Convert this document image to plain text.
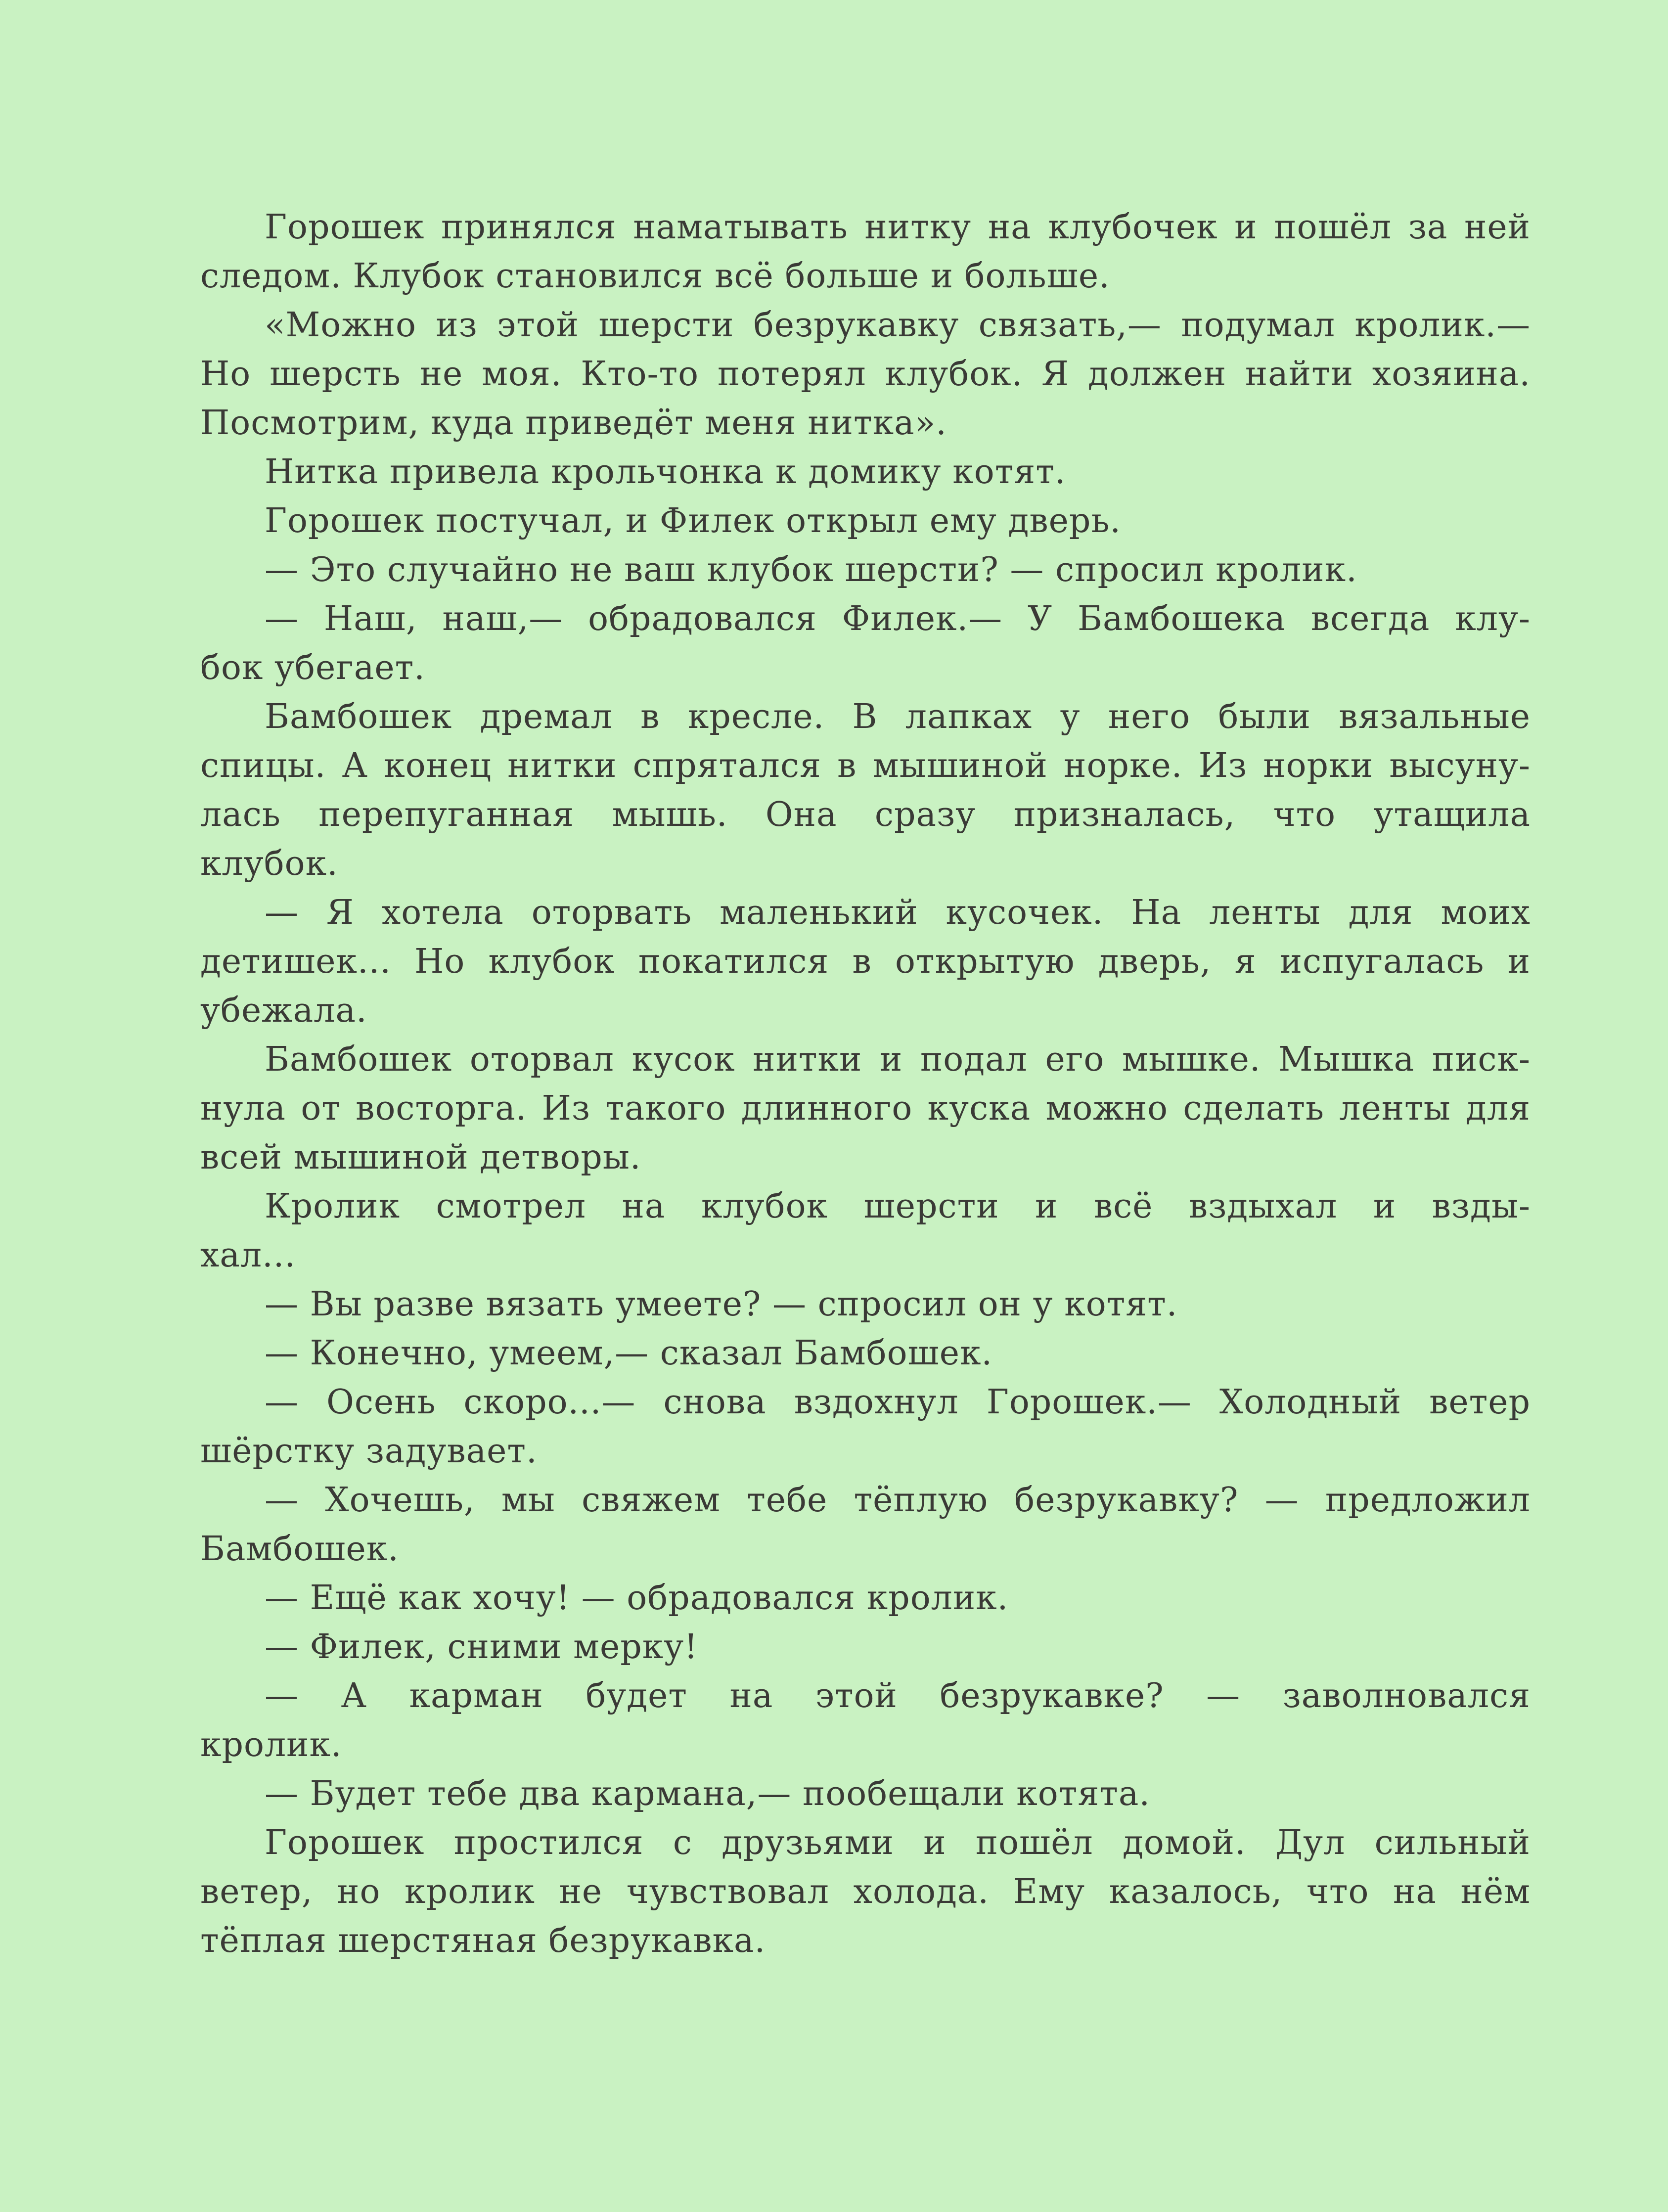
Горошек принялся наматывать нитку на клубочек и пошёл за ней
следом. Клубок становился всё больше и больше.
«Можно из этой шерсти безрукавку связать,— подумал кролик.—
Но шерсть не моя. Кто-то потерял клубок. Я должен найти хозяина.
Посмотрим, куда приведёт меня нитка».
Нитка привела крольчонка к домику котят.
Горошек постучал, и Филек открыл ему дверь.
— Это случайно не ваш клубок шерсти? — спросил кролик.
— Наш, наш,— обрадовался Филек.— У Бамбошека всегда клу-
бок убегает.
Бамбошек дремал в кресле. В лапках у него были вязальные
спицы. А конец нитки спрятался в мышиной норке. Из норки высуну-
лась перепуганная мышь. Она сразу призналась, что утащила
клубок.
— Я хотела оторвать маленький кусочек. На ленты для моих
детишек... Но клубок покатился в открытую дверь, я испугалась и
убежала.
Бамбошек оторвал кусок нитки и подал его мышке. Мышка писк-
нула от восторга. Из такого длинного куска можно сделать ленты для
всей мышиной детворы.
Кролик смотрел на клубок шерсти и всё вздыхал и взды-
хал...
— Вы разве вязать умеете? — спросил он у котят.
— Конечно, умеем,— сказал Бамбошек.
— Осень скоро...— снова вздохнул Горошек.— Холодный ветер
шёрстку задувает.
— Хочешь, мы свяжем тебе тёплую безрукавку? — предложил
Бамбошек.
— Ещё как хочу! — обрадовался кролик.
— Филек, сними мерку!
— А карман будет на этой безрукавке? — заволновался
кролик.
— Будет тебе два кармана,— пообещали котята.
Горошек простился с друзьями и пошёл домой. Дул сильный
ветер, но кролик не чувствовал холода. Ему казалось, что на нём
тёплая шерстяная безрукавка.
